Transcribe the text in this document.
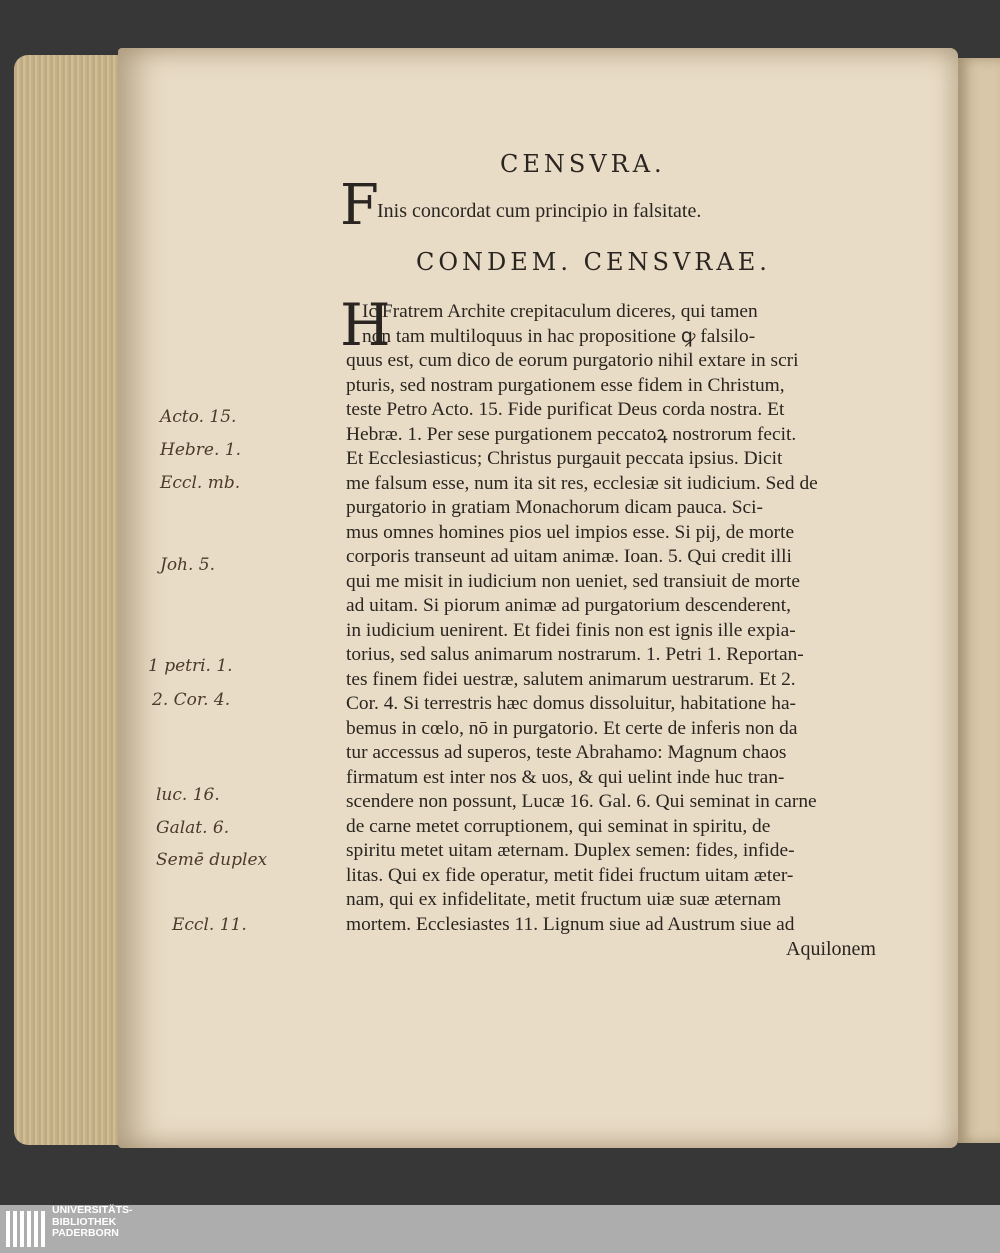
CENSVRA.
F
Inis concordat cum principio in falsitate.
CONDEM. CENSVRAE.
H
Ic Fratrem Archite crepitaculum diceres, qui tamen
non tam multiloquus in hac propositione ꝙ falsilo-
quus est, cum dico de eorum purgatorio nihil extare in scri
pturis, sed nostram purgationem esse fidem in Christum,
teste Petro Acto. 15. Fide purificat Deus corda nostra. Et
Hebræ. 1. Per sese purgationem peccatoꝝ nostrorum fecit.
Et Ecclesiasticus; Christus purgauit peccata ipsius. Dicit
me falsum esse, num ita sit res, ecclesiæ sit iudicium. Sed de
purgatorio in gratiam Monachorum dicam pauca. Sci-
mus omnes homines pios uel impios esse. Si pij, de morte
corporis transeunt ad uitam animæ. Ioan. 5. Qui credit illi
qui me misit in iudicium non ueniet, sed transiuit de morte
ad uitam. Si piorum animæ ad purgatorium descenderent,
in iudicium uenirent. Et fidei finis non est ignis ille expia-
torius, sed salus animarum nostrarum. 1. Petri 1. Reportan-
tes finem fidei uestræ, salutem animarum uestrarum. Et 2.
Cor. 4. Si terrestris hæc domus dissoluitur, habitatione ha-
bemus in cœlo, nō in purgatorio. Et certe de inferis non da
tur accessus ad superos, teste Abrahamo: Magnum chaos
firmatum est inter nos & uos, & qui uelint inde huc tran-
scendere non possunt, Lucæ 16. Gal. 6. Qui seminat in carne
de carne metet corruptionem, qui seminat in spiritu, de
spiritu metet uitam æternam. Duplex semen: fides, infide-
litas. Qui ex fide operatur, metit fidei fructum uitam æter-
nam, qui ex infidelitate, metit fructum uiæ suæ æternam
mortem. Ecclesiastes 11. Lignum siue ad Austrum siue ad
Aquilonem
Acto. 15.
Hebre. 1.
Eccl. mb.
Joh. 5.
1 petri. 1.
2. Cor. 4.
luc. 16.
Galat. 6.
Semē duplex
Eccl. 11.
UNIVERSITÄTS-
BIBLIOTHEK
PADERBORN
